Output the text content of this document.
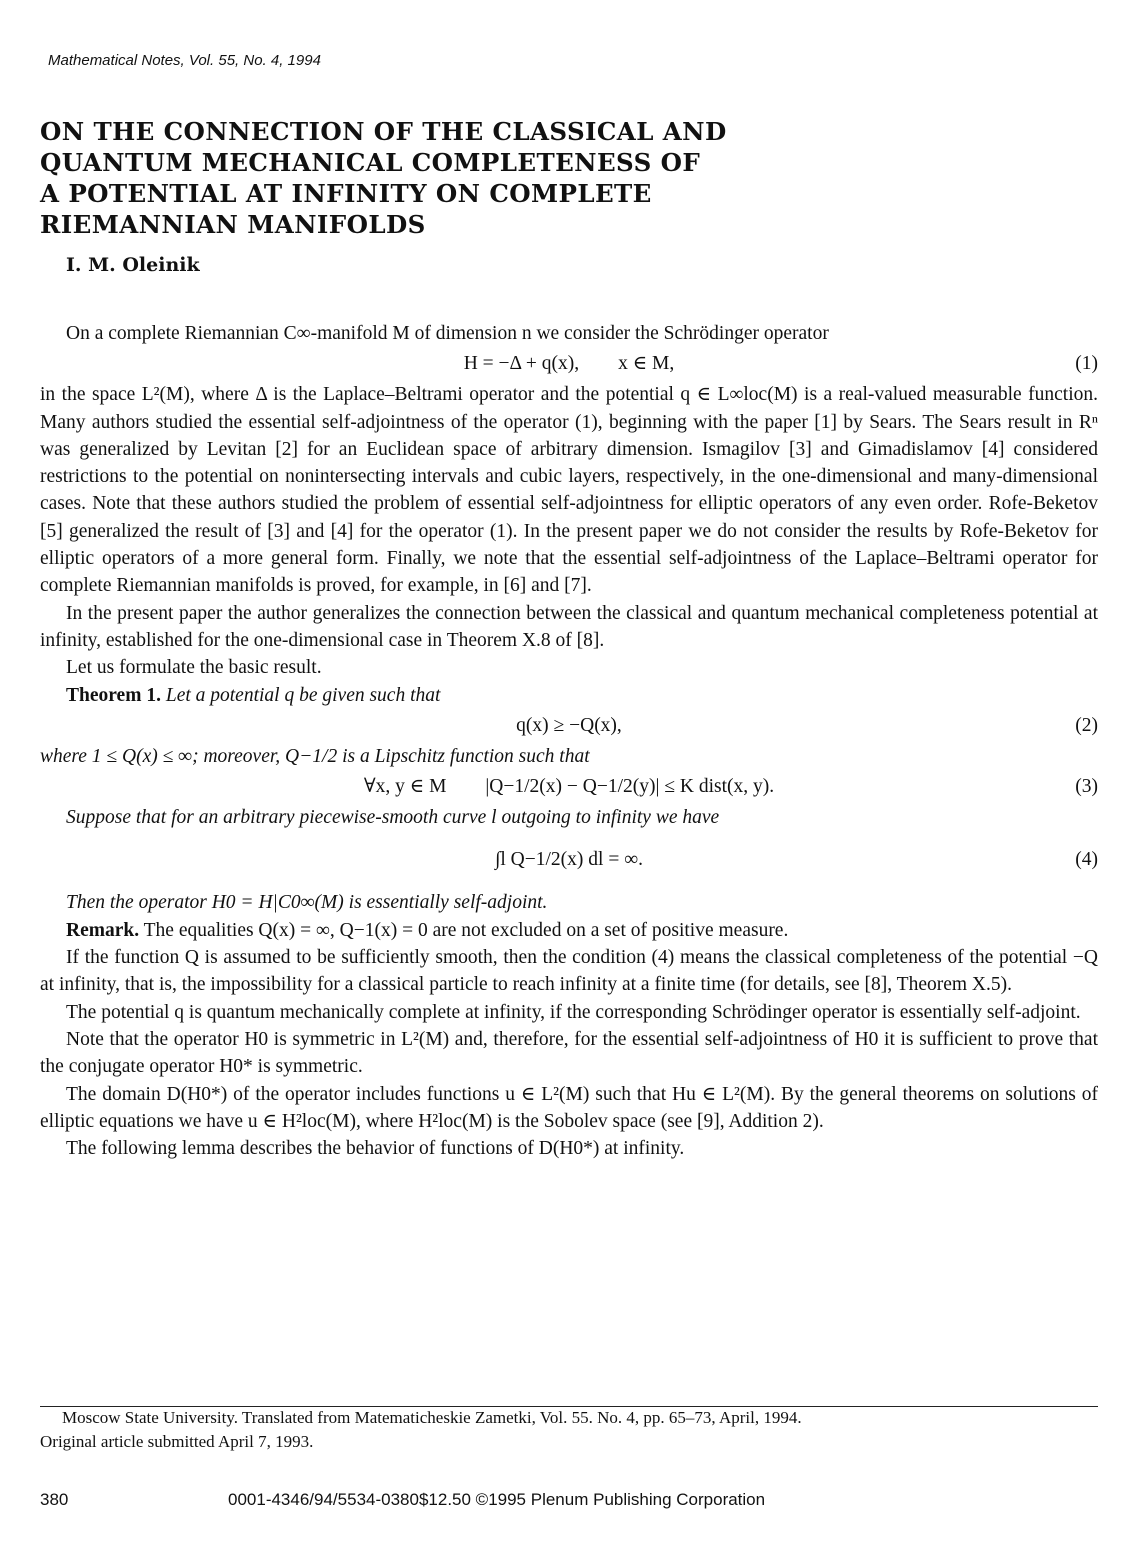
Mathematical Notes, Vol. 55, No. 4, 1994
ON THE CONNECTION OF THE CLASSICAL AND
QUANTUM MECHANICAL COMPLETENESS OF
A POTENTIAL AT INFINITY ON COMPLETE
RIEMANNIAN MANIFOLDS
I. M. Oleinik

On a complete Riemannian C∞-manifold M of dimension n we consider the Schrödinger operator

H = −Δ + q(x),        x ∈ M,	(1)

in the space L²(M), where Δ is the Laplace–Beltrami operator and the potential q ∈ L∞loc(M) is a real-valued measurable function. Many authors studied the essential self-adjointness of the operator (1), beginning with the paper [1] by Sears. The Sears result in Rⁿ was generalized by Levitan [2] for an Euclidean space of arbitrary dimension. Ismagilov [3] and Gimadislamov [4] considered restrictions to the potential on nonintersecting intervals and cubic layers, respectively, in the one-dimensional and many-dimensional cases. Note that these authors studied the problem of essential self-adjointness for elliptic operators of any even order. Rofe-Beketov [5] generalized the result of [3] and [4] for the operator (1). In the present paper we do not consider the results by Rofe-Beketov for elliptic operators of a more general form. Finally, we note that the essential self-adjointness of the Laplace–Beltrami operator for complete Riemannian manifolds is proved, for example, in [6] and [7].

In the present paper the author generalizes the connection between the classical and quantum mechanical completeness potential at infinity, established for the one-dimensional case in Theorem X.8 of [8].

Let us formulate the basic result.

Theorem 1. Let a potential q be given such that

q(x) ≥ −Q(x),	(2)

where 1 ≤ Q(x) ≤ ∞; moreover, Q−1/2 is a Lipschitz function such that

∀x, y ∈ M        |Q−1/2(x) − Q−1/2(y)| ≤ K dist(x, y).	(3)

Suppose that for an arbitrary piecewise-smooth curve l outgoing to infinity we have

∫l Q−1/2(x) dl = ∞.	(4)

Then the operator H0 = H|C0∞(M) is essentially self-adjoint.

Remark. The equalities Q(x) = ∞, Q−1(x) = 0 are not excluded on a set of positive measure.

If the function Q is assumed to be sufficiently smooth, then the condition (4) means the classical completeness of the potential −Q at infinity, that is, the impossibility for a classical particle to reach infinity at a finite time (for details, see [8], Theorem X.5).

The potential q is quantum mechanically complete at infinity, if the corresponding Schrödinger operator is essentially self-adjoint.

Note that the operator H0 is symmetric in L²(M) and, therefore, for the essential self-adjointness of H0 it is sufficient to prove that the conjugate operator H0* is symmetric.

The domain D(H0*) of the operator includes functions u ∈ L²(M) such that Hu ∈ L²(M). By the general theorems on solutions of elliptic equations we have u ∈ H²loc(M), where H²loc(M) is the Sobolev space (see [9], Addition 2).

The following lemma describes the behavior of functions of D(H0*) at infinity.

Moscow State University. Translated from Matematicheskie Zametki, Vol. 55. No. 4, pp. 65–73, April, 1994.

Original article submitted April 7, 1993.

380	0001-4346/94/5534-0380$12.50 ©1995 Plenum Publishing Corporation
